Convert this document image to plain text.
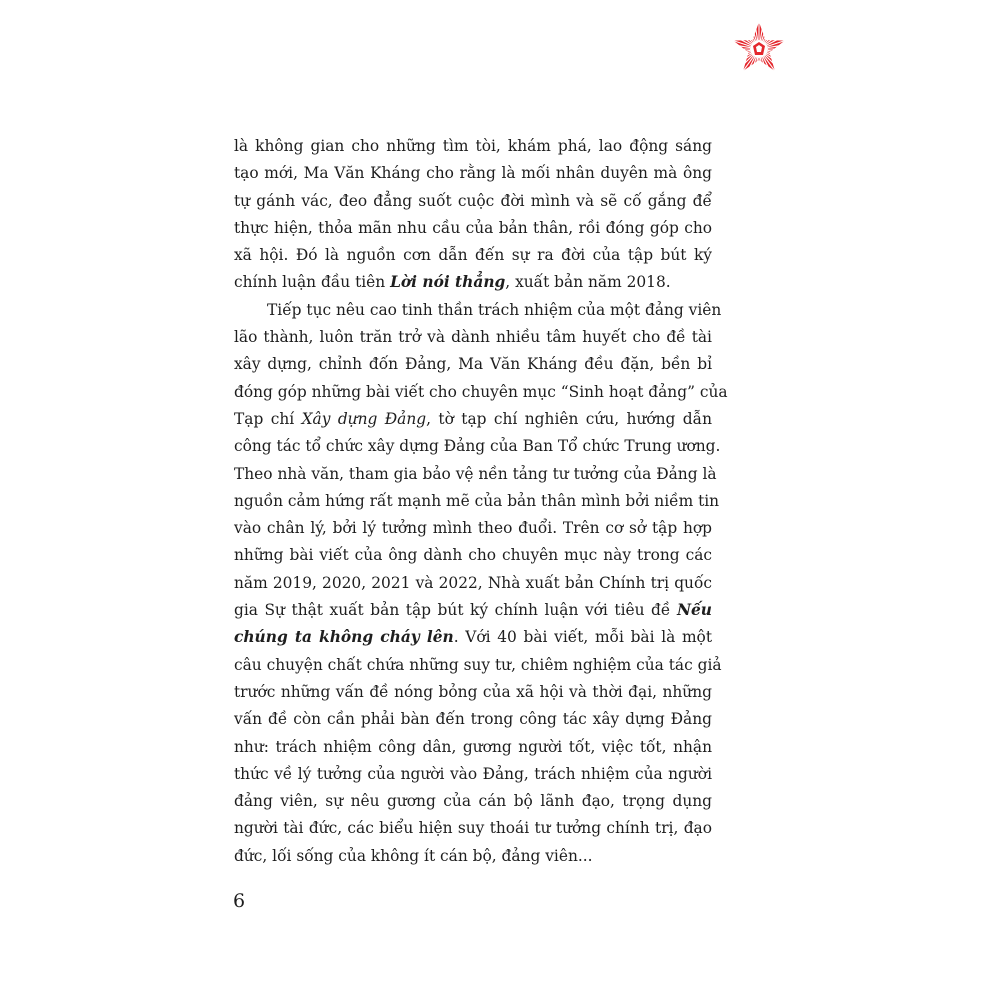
là không gian cho những tìm tòi, khám phá, lao động sáng
tạo mới, Ma Văn Kháng cho rằng là mối nhân duyên mà ông
tự gánh vác, đeo đẳng suốt cuộc đời mình và sẽ cố gắng để
thực hiện, thỏa mãn nhu cầu của bản thân, rồi đóng góp cho
xã hội. Đó là nguồn cơn dẫn đến sự ra đời của tập bút ký
chính luận đầu tiên Lời nói thẳng, xuất bản năm 2018.
Tiếp tục nêu cao tinh thần trách nhiệm của một đảng viên
lão thành, luôn trăn trở và dành nhiều tâm huyết cho đề tài
xây dựng, chỉnh đốn Đảng, Ma Văn Kháng đều đặn, bền bỉ
đóng góp những bài viết cho chuyên mục “Sinh hoạt đảng” của
Tạp chí Xây dựng Đảng, tờ tạp chí nghiên cứu, hướng dẫn
công tác tổ chức xây dựng Đảng của Ban Tổ chức Trung ương.
Theo nhà văn, tham gia bảo vệ nền tảng tư tưởng của Đảng là
nguồn cảm hứng rất mạnh mẽ của bản thân mình bởi niềm tin
vào chân lý, bởi lý tưởng mình theo đuổi. Trên cơ sở tập hợp
những bài viết của ông dành cho chuyên mục này trong các
năm 2019, 2020, 2021 và 2022, Nhà xuất bản Chính trị quốc
gia Sự thật xuất bản tập bút ký chính luận với tiêu đề Nếu
chúng ta không cháy lên. Với 40 bài viết, mỗi bài là một
câu chuyện chất chứa những suy tư, chiêm nghiệm của tác giả
trước những vấn đề nóng bỏng của xã hội và thời đại, những
vấn đề còn cần phải bàn đến trong công tác xây dựng Đảng
như: trách nhiệm công dân, gương người tốt, việc tốt, nhận
thức về lý tưởng của người vào Đảng, trách nhiệm của người
đảng viên, sự nêu gương của cán bộ lãnh đạo, trọng dụng
người tài đức, các biểu hiện suy thoái tư tưởng chính trị, đạo
đức, lối sống của không ít cán bộ, đảng viên...
6
